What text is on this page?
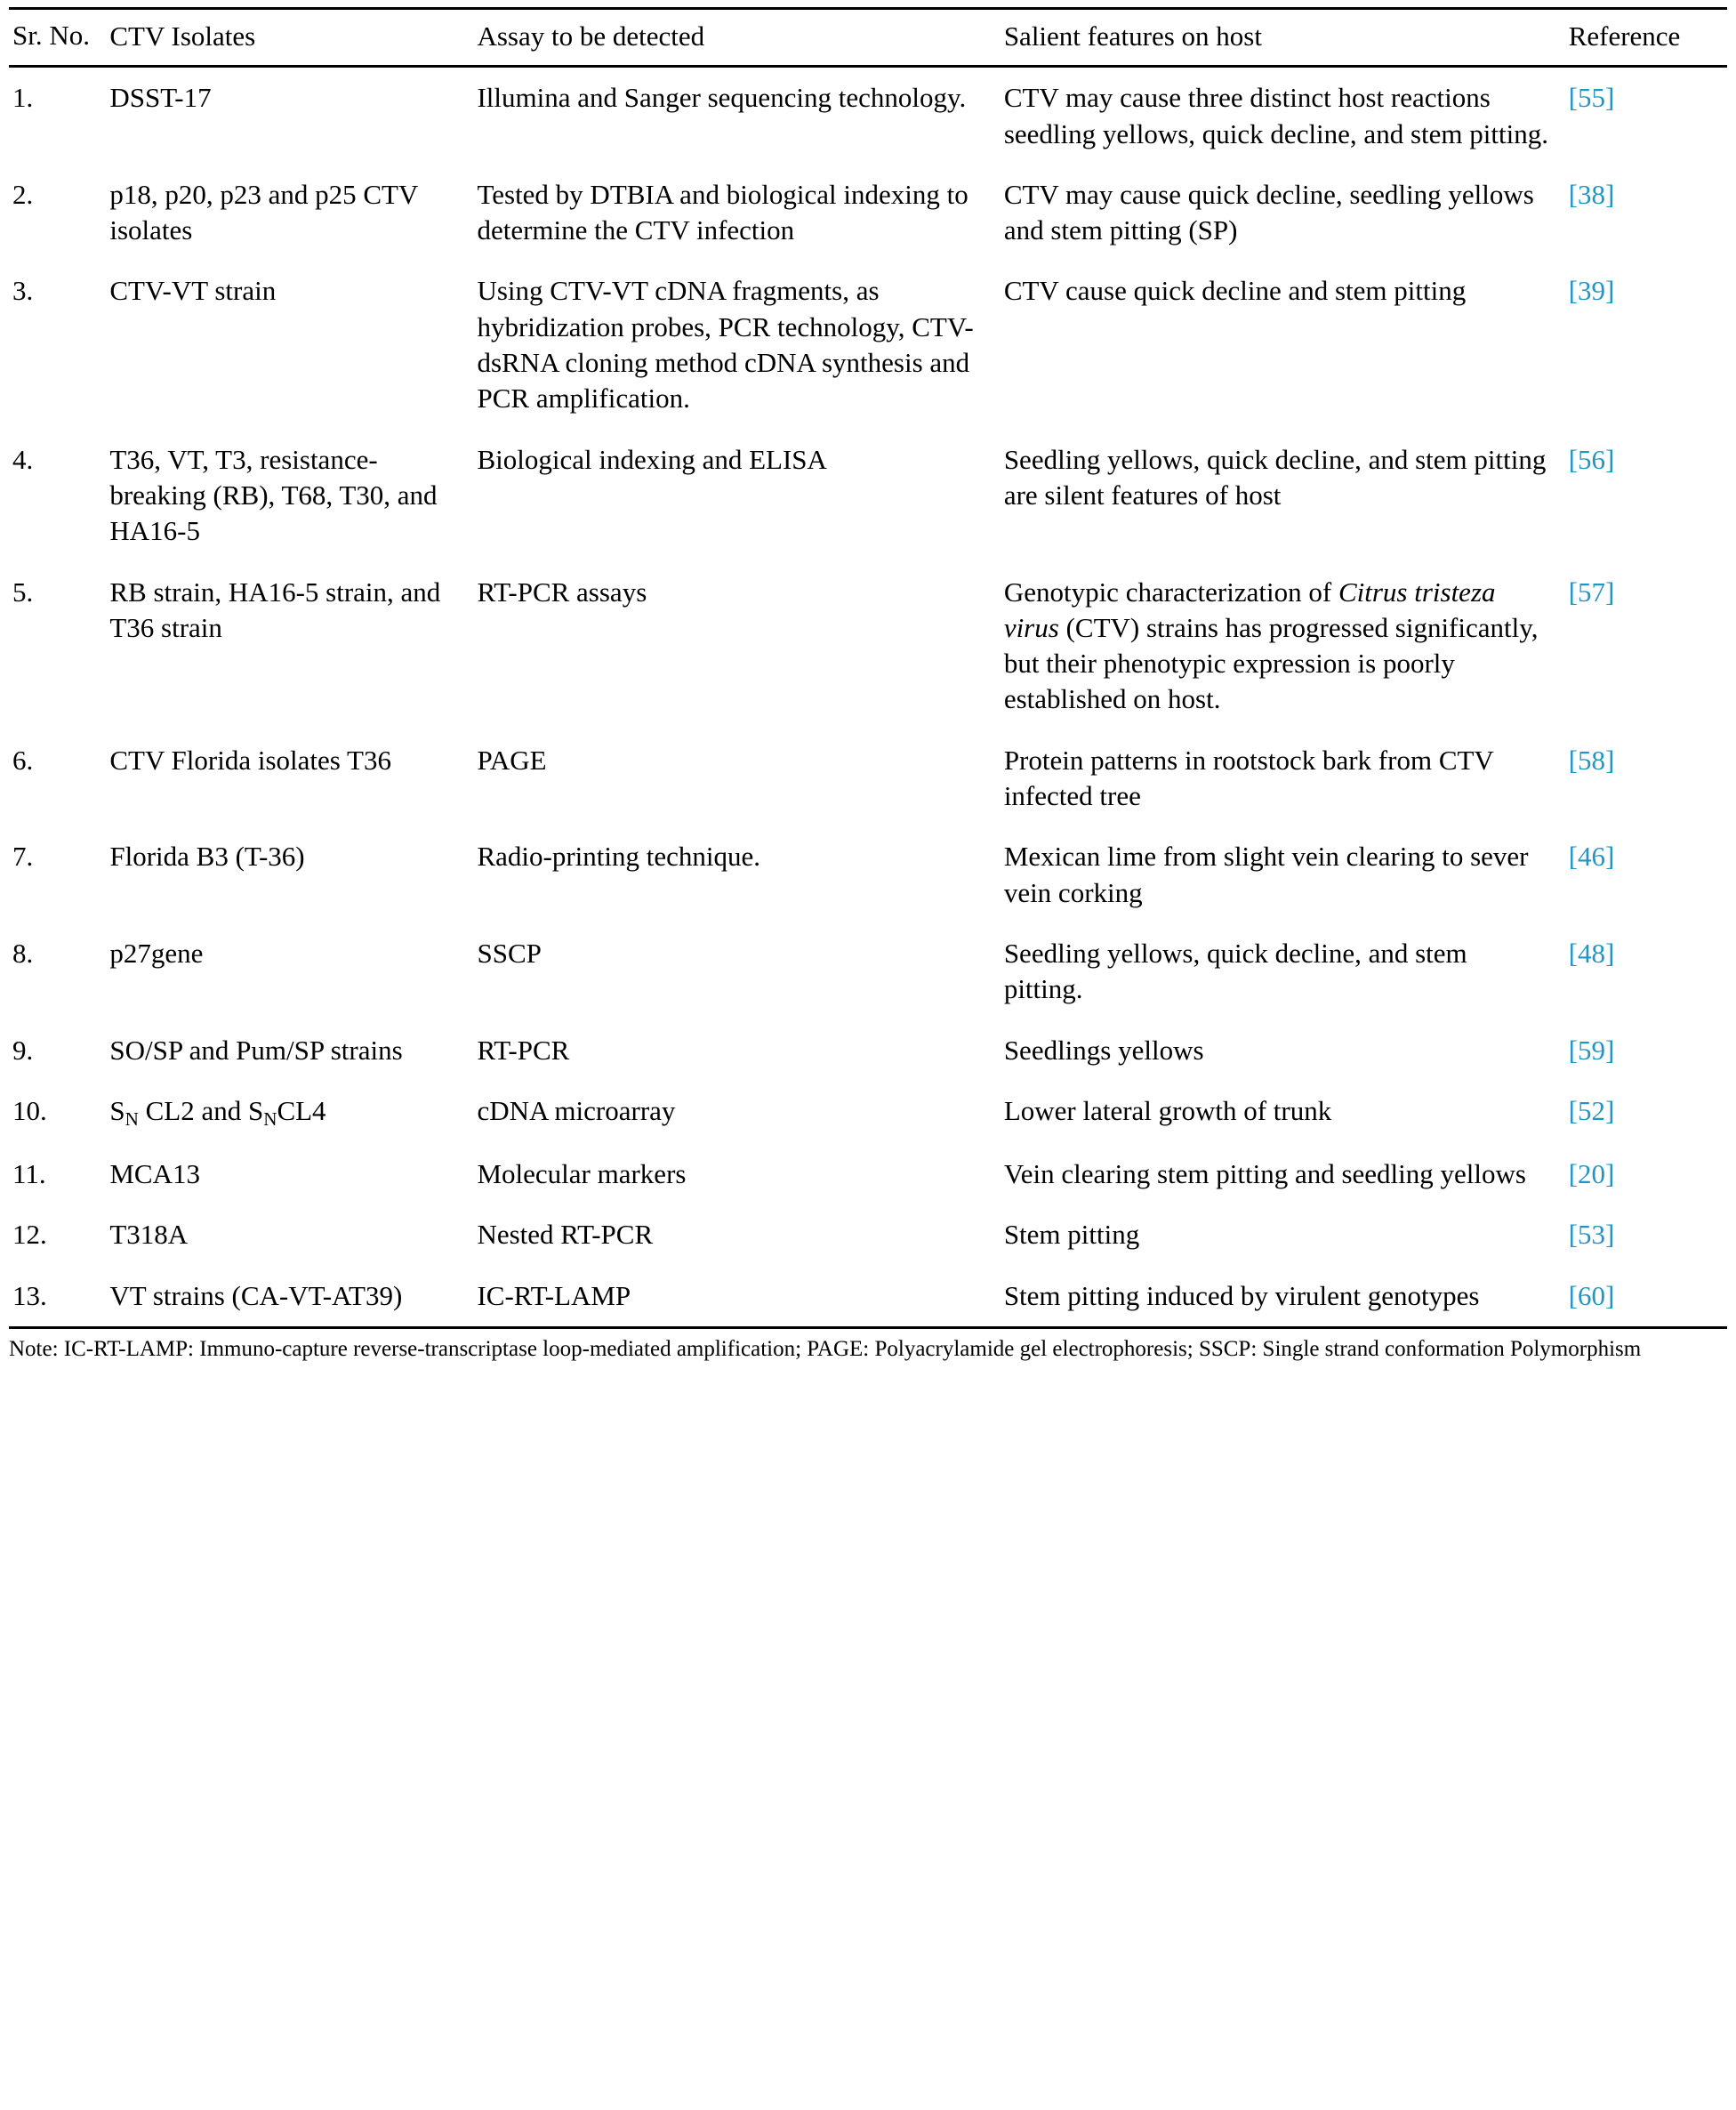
Sr. No.	CTV Isolates	Assay to be detected	Salient features on host	Reference
1.	DSST-17	Illumina and Sanger sequencing technology.	CTV may cause three distinct host reactions seedling yellows, quick decline, and stem pitting.	[55]
2.	p18, p20, p23 and p25 CTV isolates	Tested by DTBIA and biological indexing to determine the CTV infection	CTV may cause quick decline, seedling yellows and stem pitting (SP)	[38]
3.	CTV-VT strain	Using CTV-VT cDNA fragments, as hybridization probes, PCR technology, CTV-dsRNA cloning method cDNA synthesis and PCR amplification.	CTV cause quick decline and stem pitting	[39]
4.	T36, VT, T3, resistance-breaking (RB), T68, T30, and HA16-5	Biological indexing and ELISA	Seedling yellows, quick decline, and stem pitting are silent features of host	[56]
5.	RB strain, HA16-5 strain, and T36 strain	RT-PCR assays	Genotypic characterization of Citrus tristeza virus (CTV) strains has progressed significantly, but their phenotypic expression is poorly established on host.	[57]
6.	CTV Florida isolates T36	PAGE	Protein patterns in rootstock bark from CTV infected tree	[58]
7.	Florida B3 (T-36)	Radio-printing technique.	Mexican lime from slight vein clearing to sever vein corking	[46]
8.	p27gene	SSCP	Seedling yellows, quick decline, and stem pitting.	[48]
9.	SO/SP and Pum/SP strains	RT-PCR	Seedlings yellows	[59]
10.	$S_N$ CL2 and $S_NCL4$	cDNA microarray	Lower lateral growth of trunk	[52]
11.	MCA13	Molecular markers	Vein clearing stem pitting and seedling yellows	[20]
12.	T318A	Nested RT-PCR	Stem pitting	[53]
13.	VT strains (CA-VT-AT39)	IC-RT-LAMP	Stem pitting induced by virulent genotypes	[60]
Note: IC-RT-LAMP: Immuno-capture reverse-transcriptase loop-mediated amplification; PAGE: Polyacrylamide gel electrophoresis; SSCP: Single strand conformation Polymorphism
